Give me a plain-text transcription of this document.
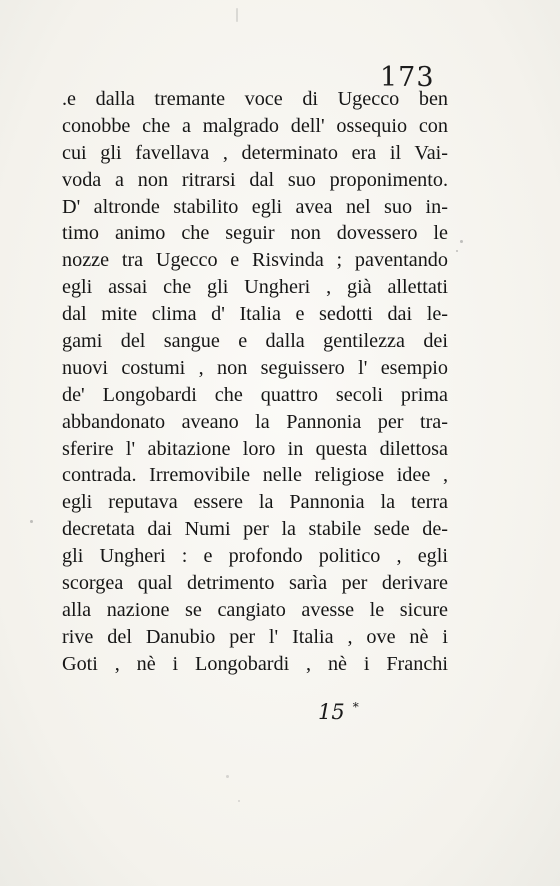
173
.e dalla tremante voce di Ugecco ben
conobbe che a malgrado dell' ossequio con
cui gli favellava , determinato era il Vai-
voda a non ritrarsi dal suo proponimento.
D' altronde stabilito egli avea nel suo in-
timo animo che seguir non dovessero le
nozze tra Ugecco e Risvinda ; paventando
egli assai che gli Ungheri , già allettati
dal mite clima d' Italia e sedotti dai le-
gami del sangue e dalla gentilezza dei
nuovi costumi , non seguissero l' esempio
de' Longobardi che quattro secoli prima
abbandonato aveano la Pannonia per tra-
sferire l' abitazione loro in questa dilettosa
contrada. Irremovibile nelle religiose idee ,
egli reputava essere la Pannonia la terra
decretata dai Numi per la stabile sede de-
gli Ungheri : e profondo politico , egli
scorgea qual detrimento sarìa per derivare
alla nazione se cangiato avesse le sicure
rive del Danubio per l' Italia , ove nè i
Goti , nè i Longobardi , nè i Franchi
15 *
